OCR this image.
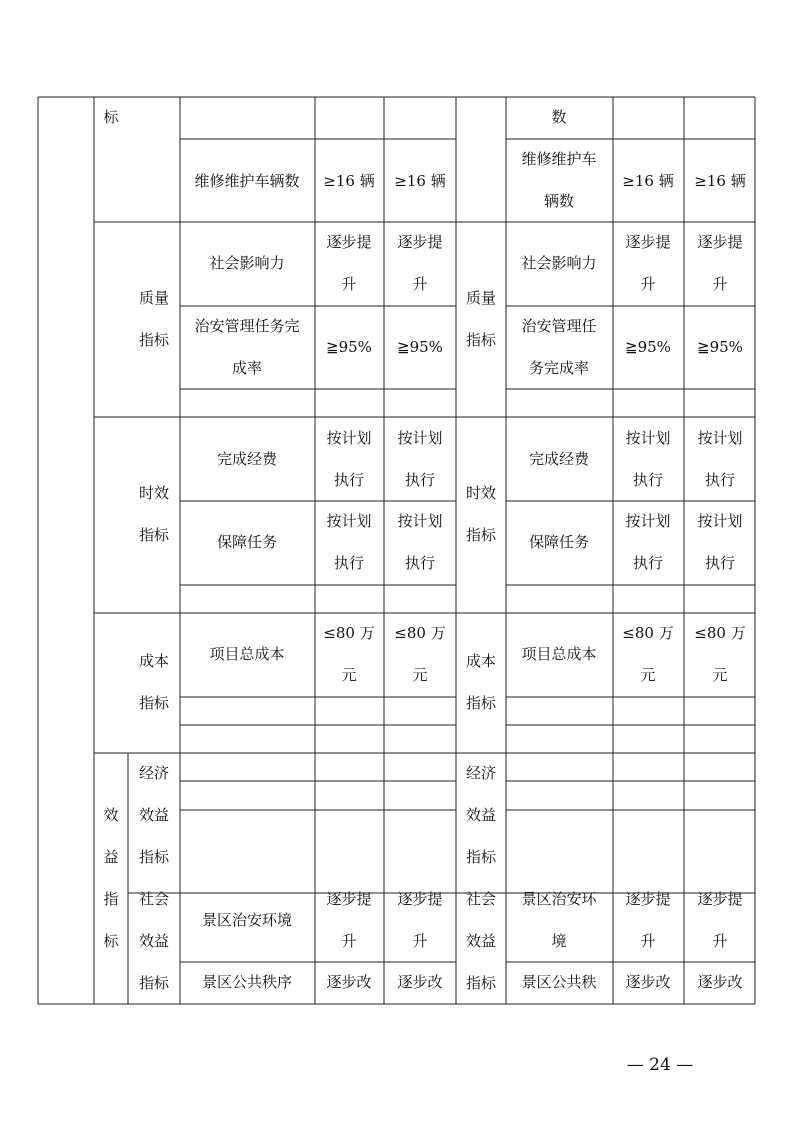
标	数
维修维护车辆数 ≥16 辆 ≥16 辆
维修维护车
辆数
≥16 辆 ≥16 辆
质量
指标
社会影响力
逐步提
升
逐步提
升
质量
指标
社会影响力
逐步提
升
逐步提
升
治安管理任务完
成率
≧95% ≧95%
治安管理任
务完成率
≧95% ≧95%
时效
指标
完成经费
按计划
执行
按计划
执行
时效
指标
完成经费
按计划
执行
按计划
执行
保障任务
按计划
执行
按计划
执行
保障任务
按计划
执行
按计划
执行
成本
指标
项目总成本
≤80 万
元
≤80 万
元
成本
指标
项目总成本
≤80 万
元
≤80 万
元
效
益
指
标
经济
效益
指标
经济
效益
指标
社会
效益
指标
景区治安环境
逐步提
升
逐步提
升
社会
效益
指标
景区治安环
境
逐步提
升
逐步提
升
景区公共秩序 逐步改 逐步改	景区公共秩 逐步改 逐步改
— 24 —
